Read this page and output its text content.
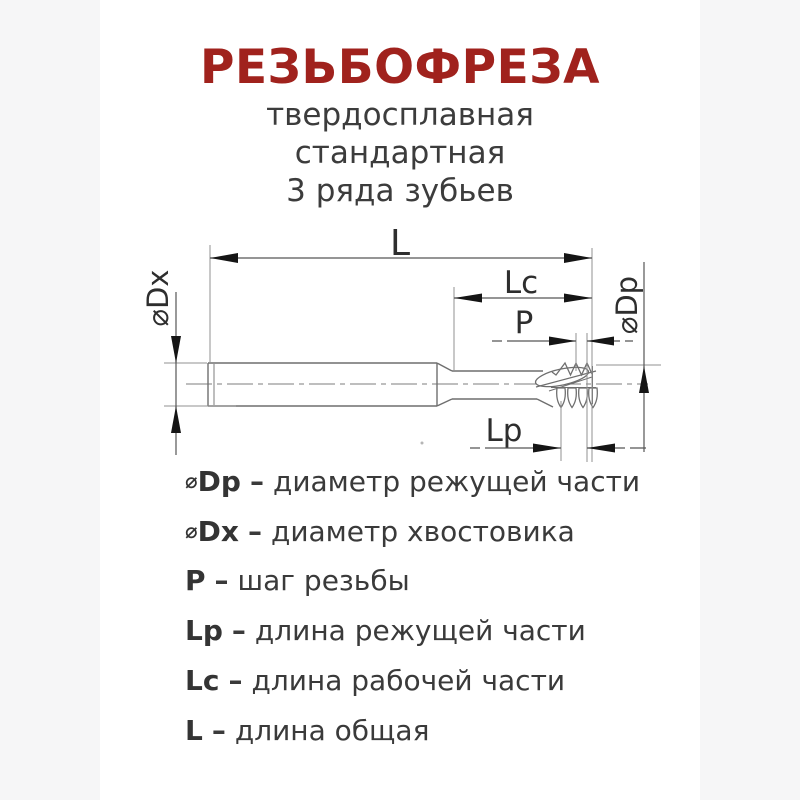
РЕЗЬБОФРЕЗА
твердосплавная
стандартная
3 ряда зубьев
L
Lc
P
Lp
⌀Dx	⌀Dp
⌀Dp – диаметр режущей части
⌀Dx – диаметр хвостовика
P – шаг резьбы
Lp – длина режущей части
Lc – длина рабочей части
L – длина общая
